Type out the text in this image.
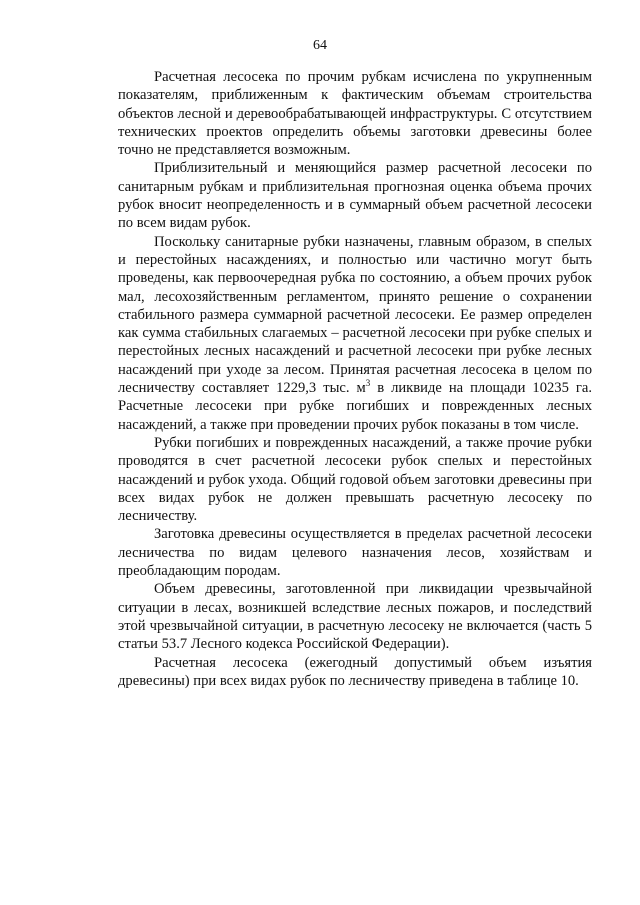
64

Расчетная лесосека по прочим рубкам исчислена по укрупненным показателям, приближенным к фактическим объемам строительства объектов лесной и деревообрабатывающей инфраструктуры. С отсутствием технических проектов определить объемы заготовки древесины более точно не представляется возможным.

Приблизительный и меняющийся размер расчетной лесосеки по санитарным рубкам и приблизительная прогнозная оценка объема прочих рубок вносит неопределенность и в суммарный объем расчетной лесосеки по всем видам рубок.

Поскольку санитарные рубки назначены, главным образом, в спелых и перестойных насаждениях, и полностью или частично могут быть проведены, как первоочередная рубка по состоянию, а объем прочих рубок мал, лесохозяйственным регламентом, принято решение о сохранении стабильного размера суммарной расчетной лесосеки. Ее размер определен как сумма стабильных слагаемых – расчетной лесосеки при рубке спелых и перестойных лесных насаждений и расчетной лесосеки при рубке лесных насаждений при уходе за лесом. Принятая расчетная лесосека в целом по лесничеству составляет 1229,3 тыс. $м^3$ в ликвиде на площади 10235 га. Расчетные лесосеки при рубке погибших и поврежденных лесных насаждений, а также при проведении прочих рубок показаны в том числе.

Рубки погибших и поврежденных насаждений, а также прочие рубки проводятся в счет расчетной лесосеки рубок спелых и перестойных насаждений и рубок ухода. Общий годовой объем заготовки древесины при всех видах рубок не должен превышать расчетную лесосеку по лесничеству.

Заготовка древесины осуществляется в пределах расчетной лесосеки лесничества по видам целевого назначения лесов, хозяйствам и преобладающим породам.

Объем древесины, заготовленной при ликвидации чрезвычайной ситуации в лесах, возникшей вследствие лесных пожаров, и последствий этой чрезвычайной ситуации, в расчетную лесосеку не включается (часть 5 статьи 53.7 Лесного кодекса Российской Федерации).

Расчетная лесосека (ежегодный допустимый объем изъятия древесины) при всех видах рубок по лесничеству приведена в таблице 10.
